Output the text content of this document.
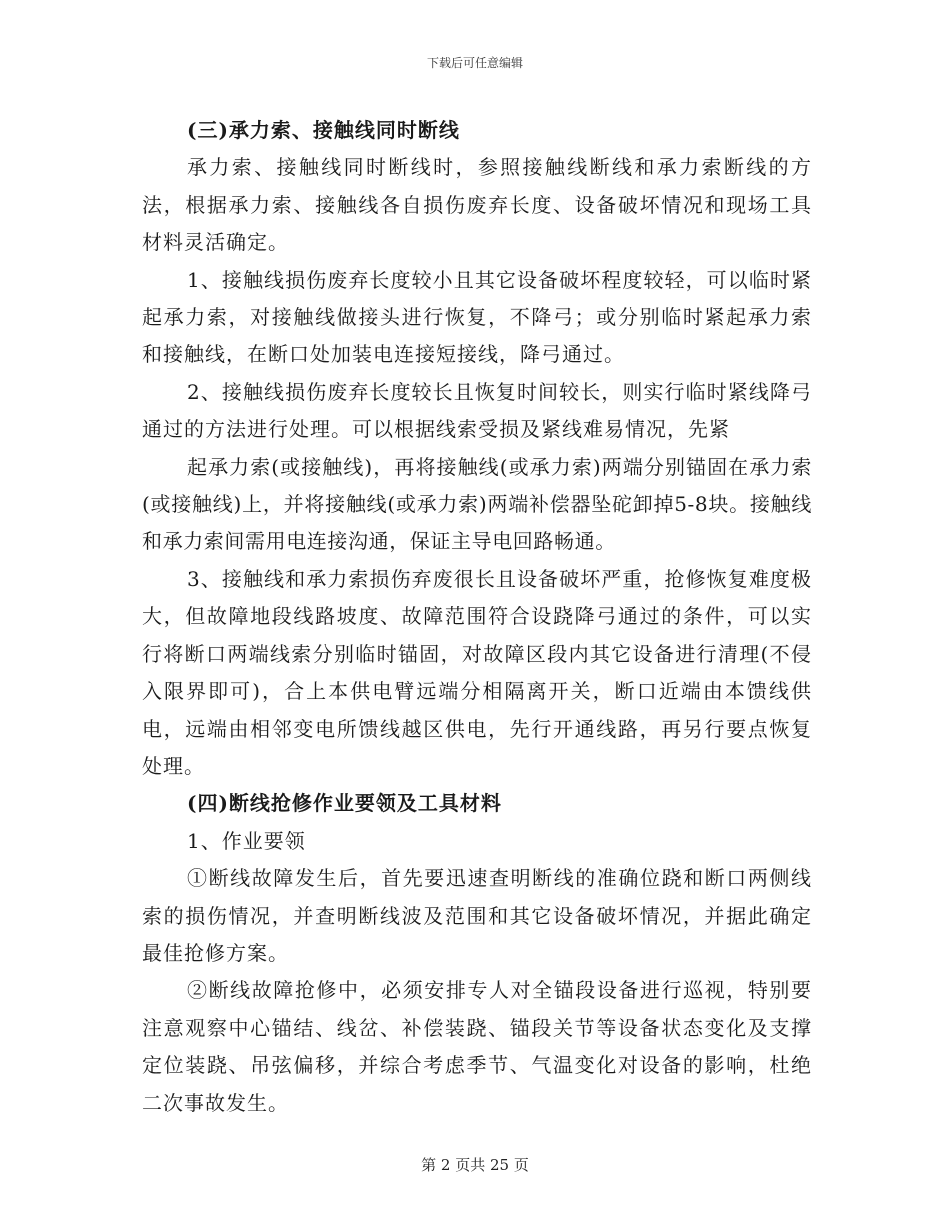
下载后可任意编辑

(三)承力索、接触线同时断线

承力索、接触线同时断线时，参照接触线断线和承力索断线的方法，根据承力索、接触线各自损伤废弃长度、设备破坏情况和现场工具材料灵活确定。

1、接触线损伤废弃长度较小且其它设备破坏程度较轻，可以临时紧起承力索，对接触线做接头进行恢复，不降弓；或分别临时紧起承力索和接触线，在断口处加装电连接短接线，降弓通过。

2、接触线损伤废弃长度较长且恢复时间较长，则实行临时紧线降弓通过的方法进行处理。可以根据线索受损及紧线难易情况，先紧

起承力索(或接触线)，再将接触线(或承力索)两端分别锚固在承力索(或接触线)上，并将接触线(或承力索)两端补偿器坠砣卸掉5-8块。接触线和承力索间需用电连接沟通，保证主导电回路畅通。

3、接触线和承力索损伤弃废很长且设备破坏严重，抢修恢复难度极大，但故障地段线路坡度、故障范围符合设跷降弓通过的条件，可以实行将断口两端线索分别临时锚固，对故障区段内其它设备进行清理(不侵入限界即可)，合上本供电臂远端分相隔离开关，断口近端由本馈线供电，远端由相邻变电所馈线越区供电，先行开通线路，再另行要点恢复处理。

(四)断线抢修作业要领及工具材料

1、作业要领

①断线故障发生后，首先要迅速查明断线的准确位跷和断口两侧线索的损伤情况，并查明断线波及范围和其它设备破坏情况，并据此确定最佳抢修方案。

②断线故障抢修中，必须安排专人对全锚段设备进行巡视，特别要注意观察中心锚结、线岔、补偿装跷、锚段关节等设备状态变化及支撑定位装跷、吊弦偏移，并综合考虑季节、气温变化对设备的影响，杜绝二次事故发生。

第 2 页共 25 页
